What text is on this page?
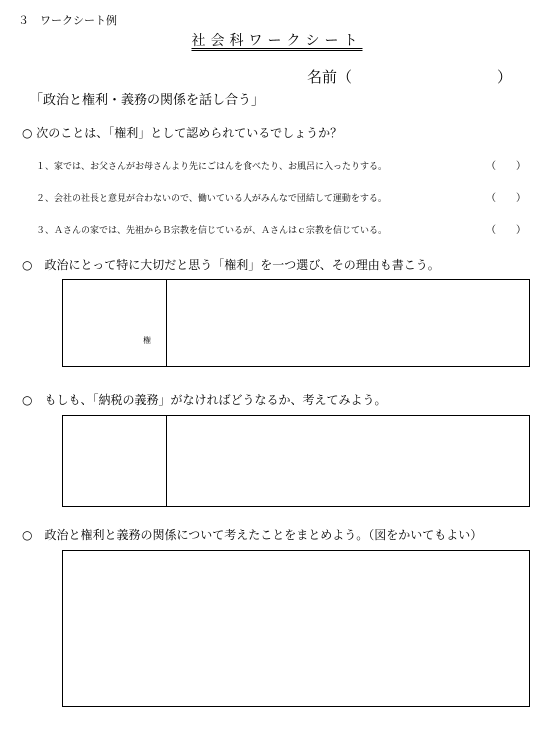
３　ワークシート例
社会科ワークシート
名前（	）
「政治と権利・義務の関係を話し合う」
○ 次のことは、「権利」として認められているでしょうか？
１、家では、お父さんがお母さんより先にごはんを食べたり、お風呂に入ったりする。	（　　）
２、会社の社長と意見が合わないので、働いている人がみんなで団結して運動をする。	（　　）
３、Ａさんの家では、先祖からＢ宗教を信じているが、Ａさんはｃ宗教を信じている。	（　　）
○　政治にとって特に大切だと思う「権利」を一つ選び、その理由も書こう。
権
○　もしも、「納税の義務」がなければどうなるか、考えてみよう。
○　政治と権利と義務の関係について考えたことをまとめよう。（図をかいてもよい）
